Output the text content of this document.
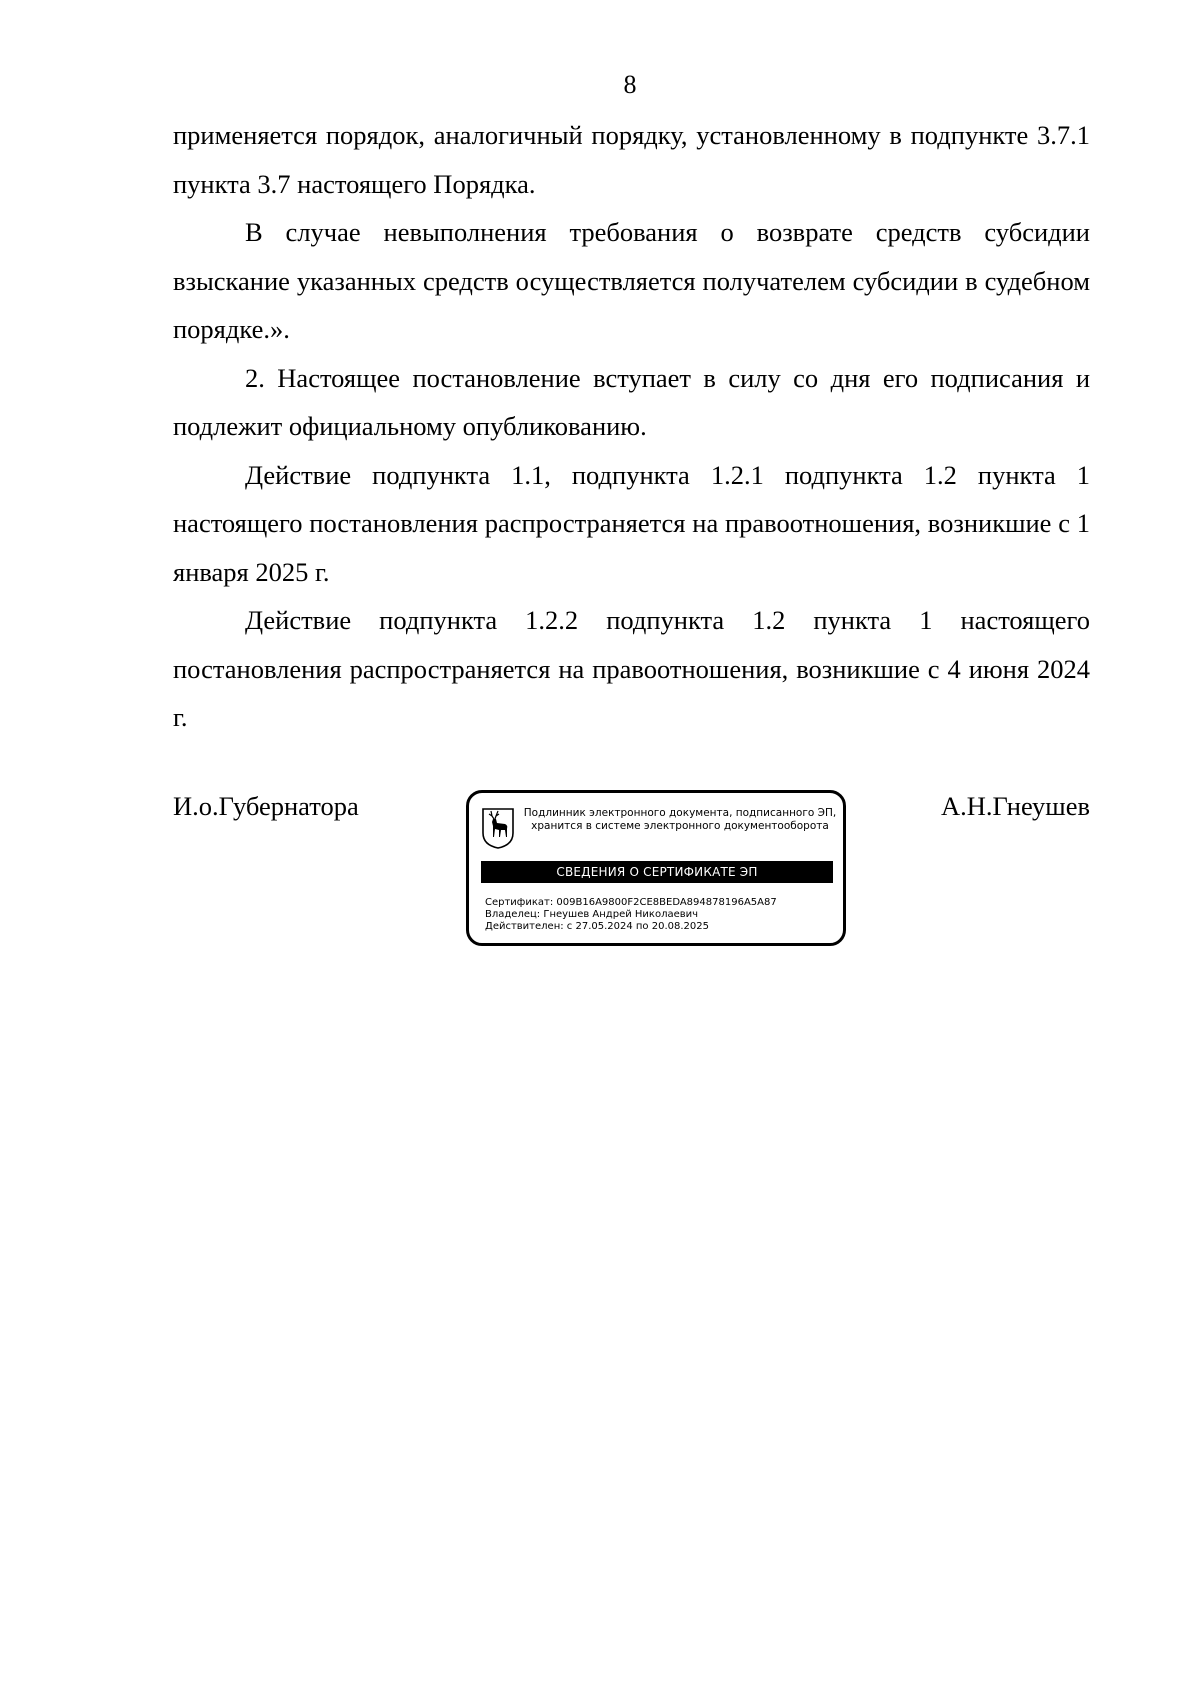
8

применяется порядок, аналогичный порядку, установленному в подпункте 3.7.1 пункта 3.7 настоящего Порядка.

В случае невыполнения требования о возврате средств субсидии взыскание указанных средств осуществляется получателем субсидии в судебном порядке.».

2. Настоящее постановление вступает в силу со дня его подписания и подлежит официальному опубликованию.

Действие подпункта 1.1, подпункта 1.2.1 подпункта 1.2 пункта 1 настоящего постановления распространяется на правоотношения, возникшие с 1 января 2025 г.

Действие подпункта 1.2.2 подпункта 1.2 пункта 1 настоящего постановления распространяется на правоотношения, возникшие с 4 июня 2024 г.

И.о.Губернатора	А.Н.Гнеушев
Подлинник электронного документа, подписанного ЭП,
хранится в системе электронного документооборота
СВЕДЕНИЯ О СЕРТИФИКАТЕ ЭП
Сертификат: 009B16A9800F2CE8BEDA894878196A5A87
Владелец: Гнеушев Андрей Николаевич
Действителен: с 27.05.2024 по 20.08.2025
